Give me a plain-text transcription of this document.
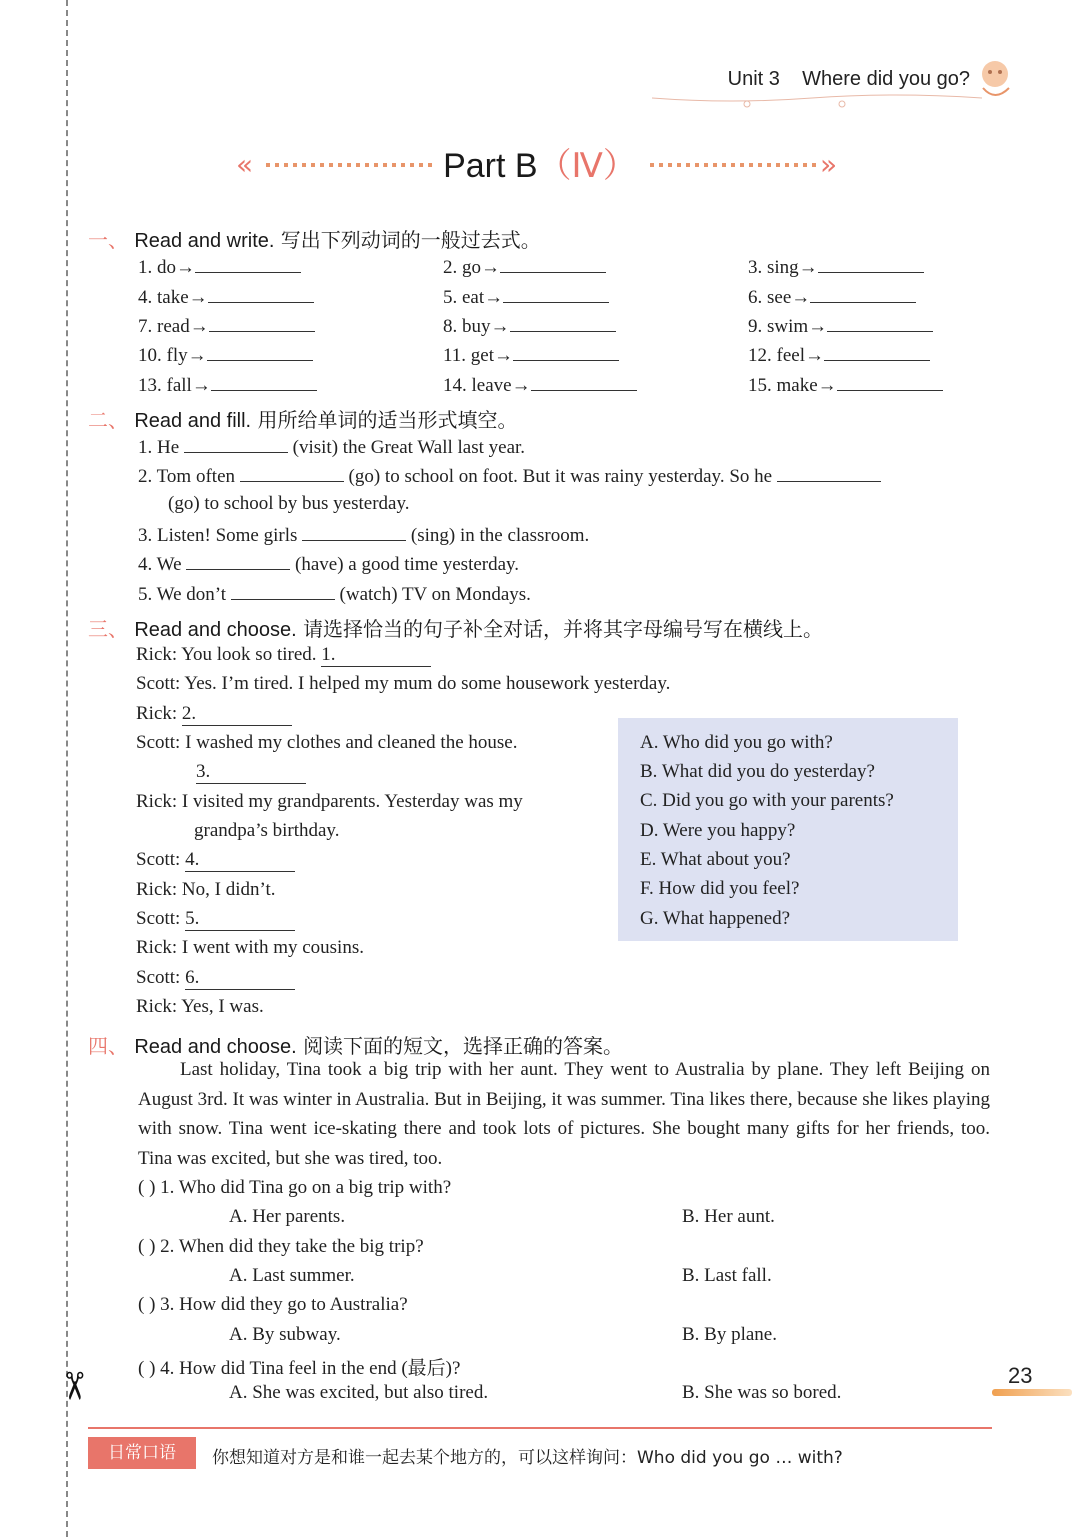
✂
Unit 3 Where did you go?
«	»
Part B（Ⅳ）
一、 Read and write. 写出下列动词的一般过去式。
1. do→	2. go→	3. sing→
4. take→	5. eat→	6. see→
7. read→	8. buy→	9. swim→
10. fly→	11. get→	12. feel→
13. fall→	14. leave→	15. make→
二、 Read and fill. 用所给单词的适当形式填空。
1. He	(visit) the Great Wall last year.
2. Tom often	(go) to school on foot. But it was rainy yesterday. So he
(go) to school by bus yesterday.
3. Listen! Some girls	(sing) in the classroom.
4. We	(have) a good time yesterday.
5. We don’t	(watch) TV on Mondays.
三、 Read and choose. 请选择恰当的句子补全对话，并将其字母编号写在横线上。
Rick: You look so tired. 1.
Scott: Yes. I’m tired. I helped my mum do some housework yesterday.
Rick: 2.
Scott: I washed my clothes and cleaned the house.
3.
Rick: I visited my grandparents. Yesterday was my
grandpa’s birthday.
Scott: 4.
Rick: No, I didn’t.
Scott: 5.
Rick: I went with my cousins.
Scott: 6.
Rick: Yes, I was.
A. Who did you go with?
B. What did you do yesterday?
C. Did you go with your parents?
D. Were you happy?
E. What about you?
F. How did you feel?
G. What happened?
四、 Read and choose. 阅读下面的短文，选择正确的答案。
Last holiday, Tina took a big trip with her aunt. They went to Australia by plane. They left Beijing on August 3rd. It was winter in Australia. But in Beijing, it was summer. Tina likes there, because she likes playing with snow. Tina went ice-skating there and took lots of pictures. She bought many gifts for her friends, too. Tina was excited, but she was tired, too.
( ) 1. Who did Tina go on a big trip with?
A. Her parents.	B. Her aunt.
( ) 2. When did they take the big trip?
A. Last summer.	B. Last fall.
( ) 3. How did they go to Australia?
A. By subway.	B. By plane.
( ) 4. How did Tina feel in the end (最后)?
A. She was excited, but also tired.	B. She was so bored.
23
日常口语	你想知道对方是和谁一起去某个地方的，可以这样询问：Who did you go … with?
